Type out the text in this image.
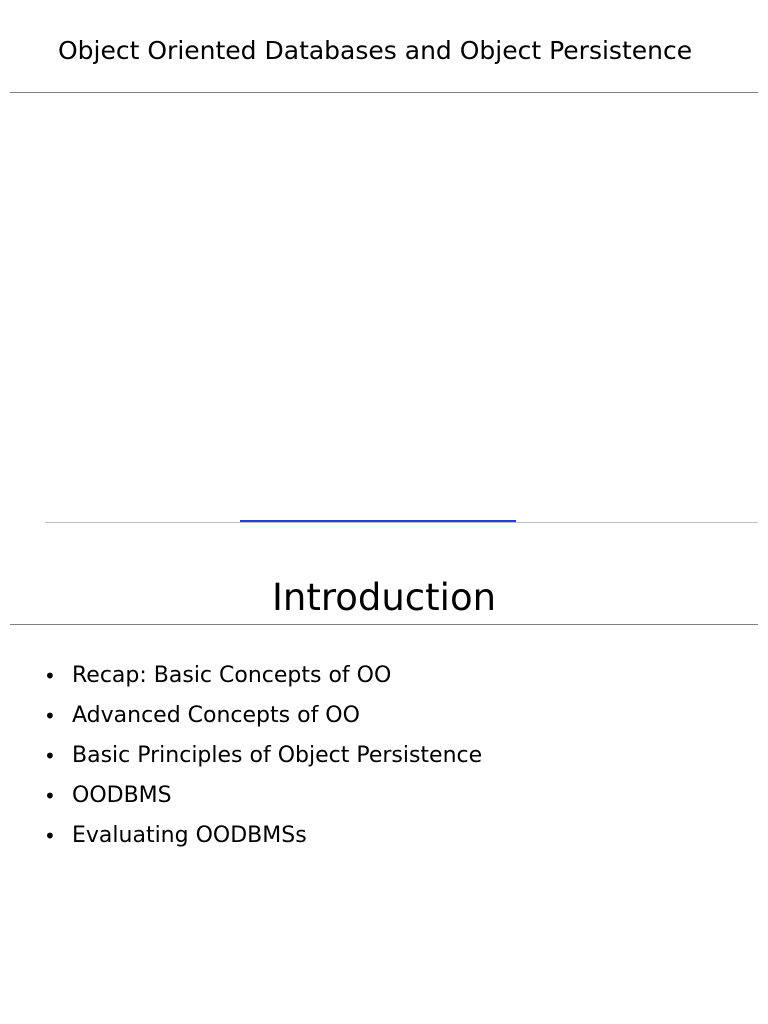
Object Oriented Databases and Object Persistence
Introduction
• Recap: Basic Concepts of OO
• Advanced Concepts of OO
• Basic Principles of Object Persistence
• OODBMS
• Evaluating OODBMSs
